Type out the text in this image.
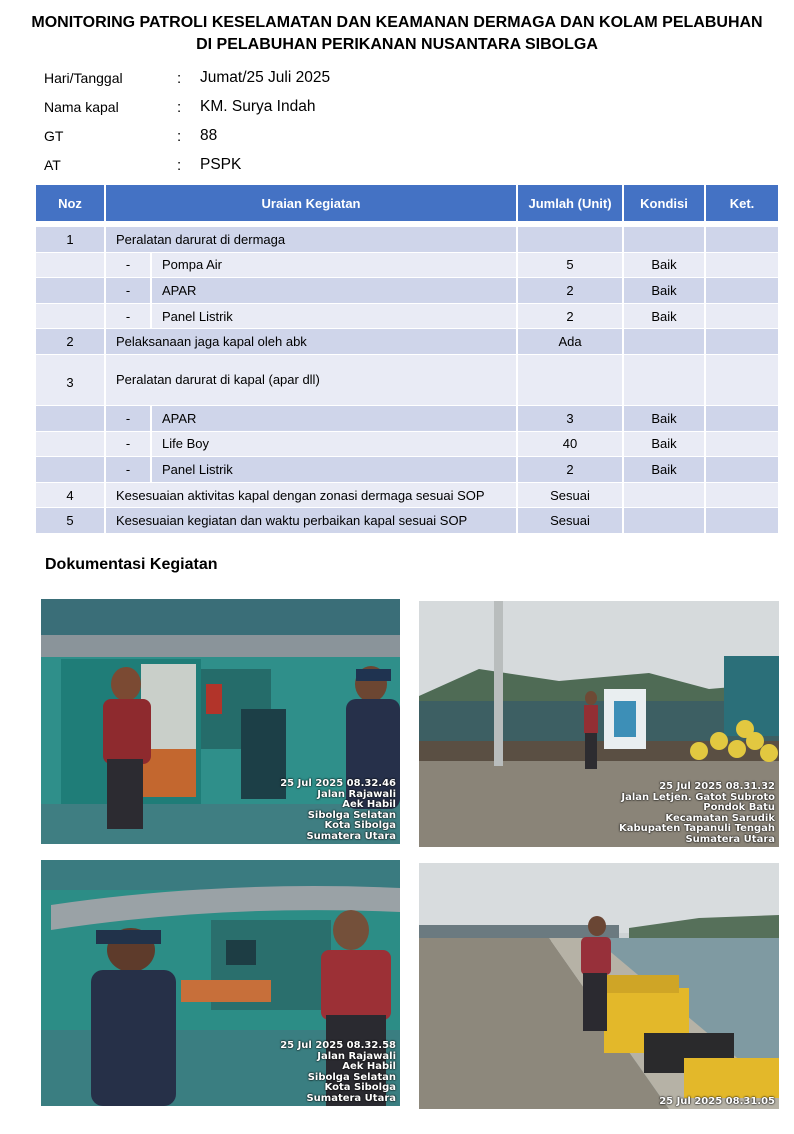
MONITORING PATROLI KESELAMATAN DAN KEAMANAN DERMAGA DAN KOLAM PELABUHAN
DI PELABUHAN PERIKANAN NUSANTARA SIBOLGA
Hari/Tanggal	:	Jumat/25 Juli 2025
Nama kapal	:	KM. Surya Indah
GT	:	88
AT	:	PSPK
Noz	Uraian Kegiatan		Jumlah (Unit)	Kondisi	Ket.

1	Peralatan darurat di dermaga				
	-	Pompa Air	5	Baik	
	-	APAR	2	Baik	
	-	Panel Listrik	2	Baik	
2	Pelaksanaan jaga kapal oleh abk		Ada		
3	Peralatan darurat di kapal (apar dll)				
	-	APAR	3	Baik	
	-	Life Boy	40	Baik	
	-	Panel Listrik	2	Baik	
4	Kesesuaian aktivitas kapal dengan zonasi dermaga sesuai SOP		Sesuai		
5	Kesesuaian kegiatan dan waktu perbaikan kapal sesuai SOP		Sesuai		
Dokumentasi Kegiatan
25 Jul 2025 08.32.46
Jalan Rajawali
Aek Habil
Sibolga Selatan
Kota Sibolga
Sumatera Utara
25 Jul 2025 08.31.32
Jalan Letjen. Gatot Subroto
Pondok Batu
Kecamatan Sarudik
Kabupaten Tapanuli Tengah
Sumatera Utara
25 Jul 2025 08.32.58
Jalan Rajawali
Aek Habil
Sibolga Selatan
Kota Sibolga
Sumatera Utara	25 Jul 2025 08.31.05
